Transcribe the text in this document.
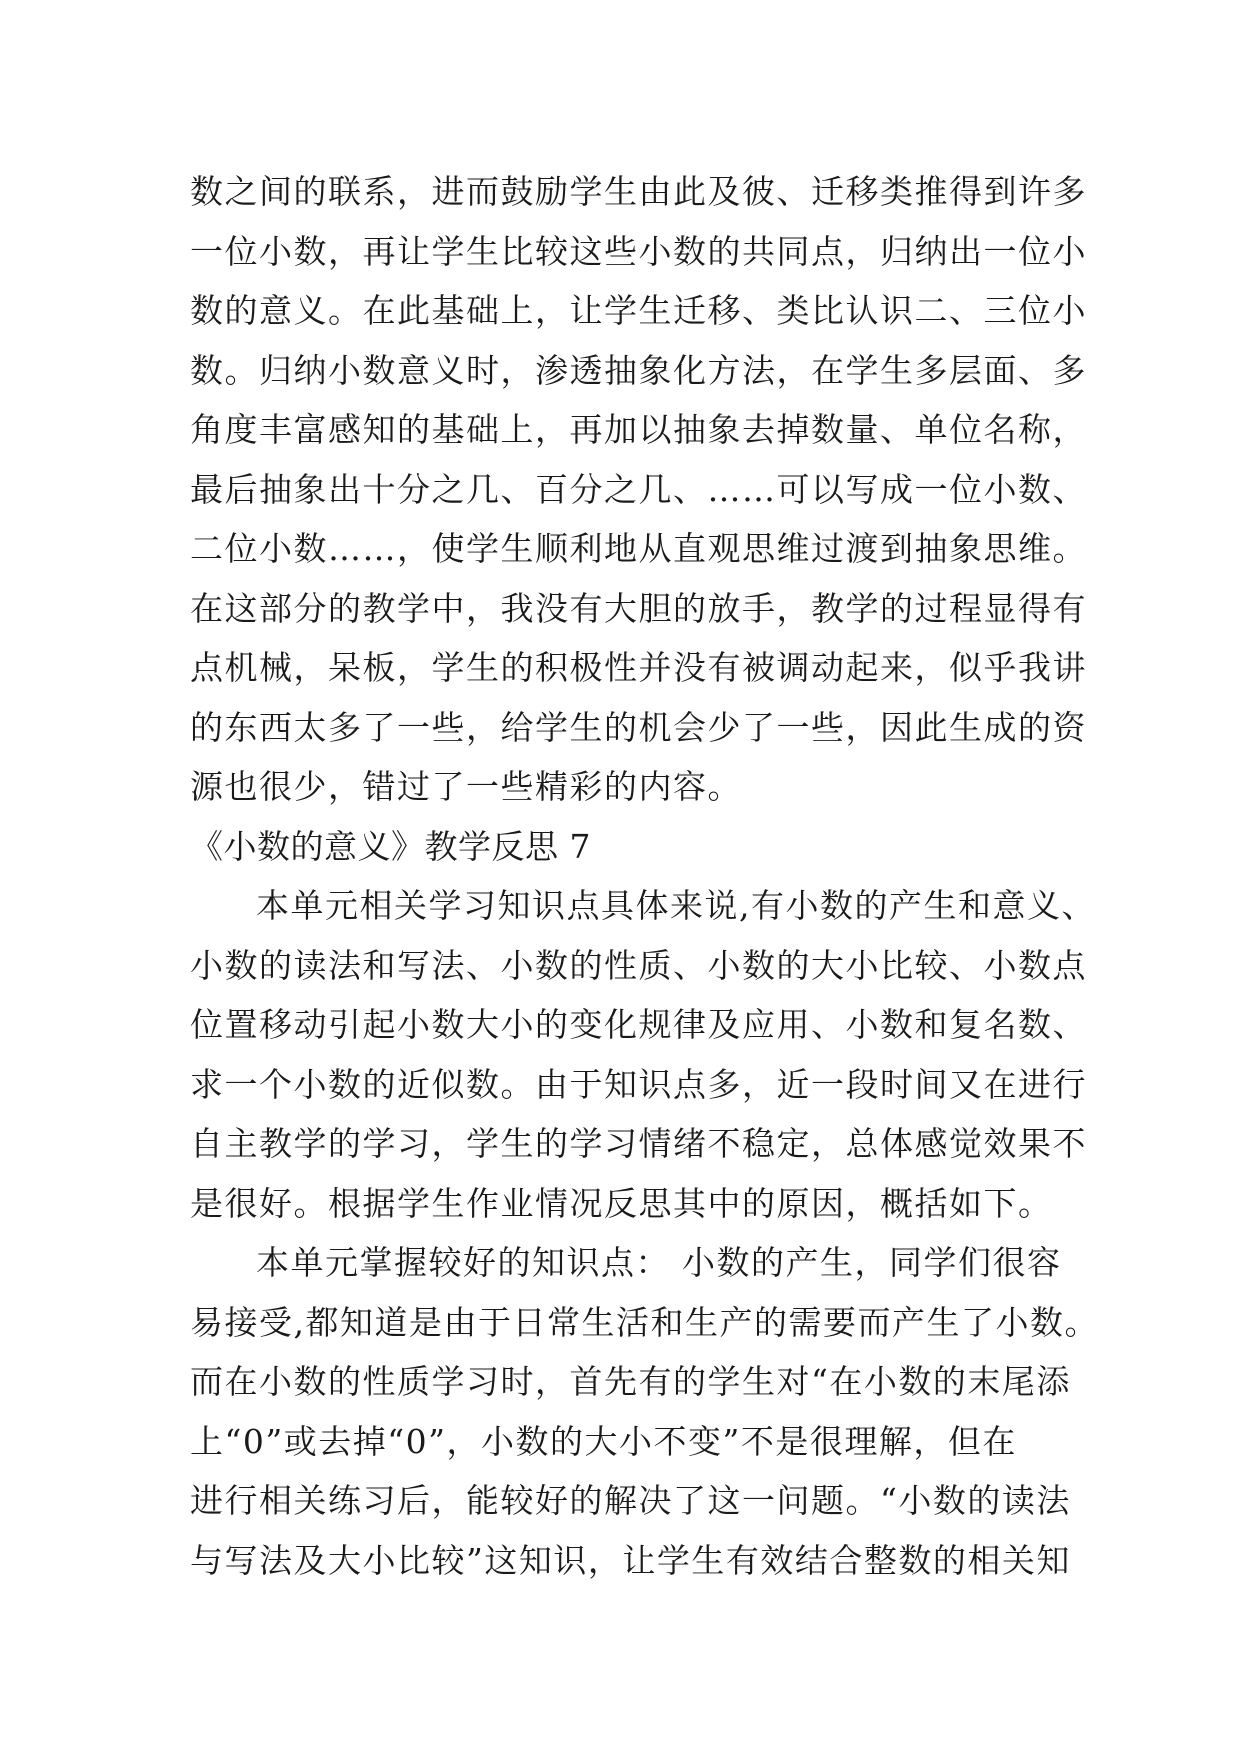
数之间的联系，进而鼓励学生由此及彼、迁移类推得到许多
一位小数，再让学生比较这些小数的共同点，归纳出一位小
数的意义。在此基础上，让学生迁移、类比认识二、三位小
数。归纳小数意义时，渗透抽象化方法，在学生多层面、多
角度丰富感知的基础上，再加以抽象去掉数量、单位名称，
最后抽象出十分之几、百分之几、……可以写成一位小数、
二位小数……，使学生顺利地从直观思维过渡到抽象思维。
在这部分的教学中，我没有大胆的放手，教学的过程显得有
点机械，呆板，学生的积极性并没有被调动起来，似乎我讲
的东西太多了一些，给学生的机会少了一些，因此生成的资
源也很少，错过了一些精彩的内容。
《小数的意义》教学反思 7
本单元相关学习知识点具体来说,有小数的产生和意义、
小数的读法和写法、小数的性质、小数的大小比较、小数点
位置移动引起小数大小的变化规律及应用、小数和复名数、
求一个小数的近似数。由于知识点多，近一段时间又在进行
自主教学的学习，学生的学习情绪不稳定，总体感觉效果不
是很好。根据学生作业情况反思其中的原因，概括如下。
本单元掌握较好的知识点： 小数的产生，同学们很容
易接受,都知道是由于日常生活和生产的需要而产生了小数。
而在小数的性质学习时，首先有的学生对“在小数的末尾添
上“0”或去掉“0”，小数的大小不变”不是很理解，但在
进行相关练习后，能较好的解决了这一问题。“小数的读法
与写法及大小比较”这知识，让学生有效结合整数的相关知
